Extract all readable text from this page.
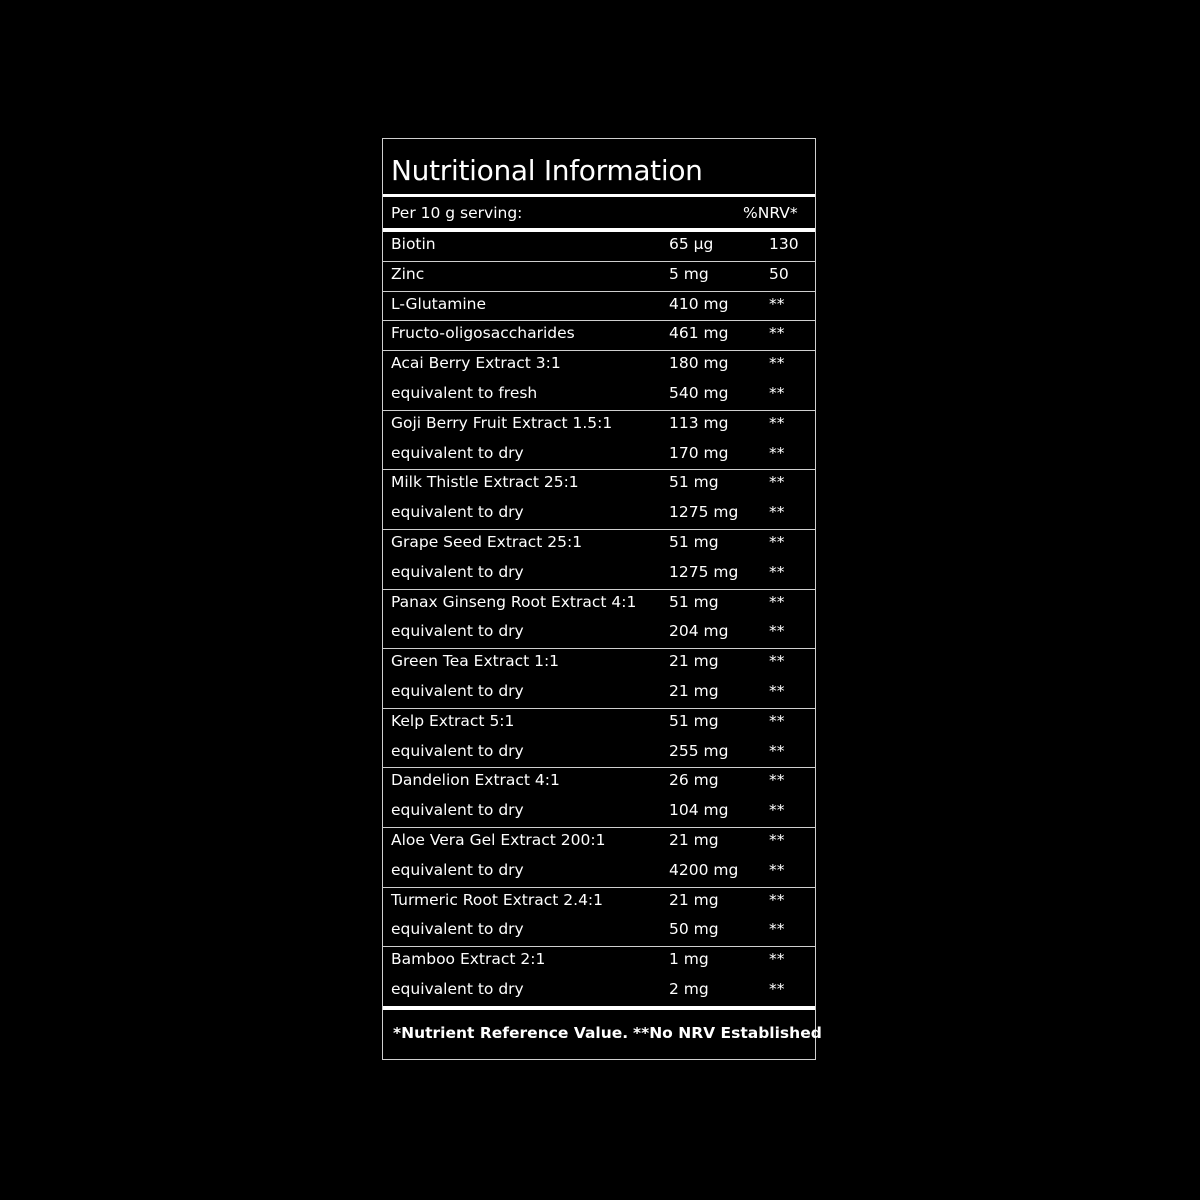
Nutritional Information
Per 10 g serving:	%NRV*
Biotin	65 µg	130
Zinc	5 mg	50
L-Glutamine	410 mg	**
Fructo-oligosaccharides	461 mg	**
Acai Berry Extract 3:1	180 mg	**
equivalent to fresh	540 mg	**
Goji Berry Fruit Extract 1.5:1	113 mg	**
equivalent to dry	170 mg	**
Milk Thistle Extract 25:1	51 mg	**
equivalent to dry	1275 mg **
Grape Seed Extract 25:1	51 mg	**
equivalent to dry	1275 mg **
Panax Ginseng Root Extract 4:1 51 mg	**
equivalent to dry	204 mg	**
Green Tea Extract 1:1	21 mg	**
equivalent to dry	21 mg	**
Kelp Extract 5:1	51 mg	**
equivalent to dry	255 mg	**
Dandelion Extract 4:1	26 mg	**
equivalent to dry	104 mg	**
Aloe Vera Gel Extract 200:1	21 mg	**
equivalent to dry	4200 mg **
Turmeric Root Extract 2.4:1	21 mg	**
equivalent to dry	50 mg	**
Bamboo Extract 2:1	1 mg	**
equivalent to dry	2 mg	**
*Nutrient Reference Value. **No NRV Established
